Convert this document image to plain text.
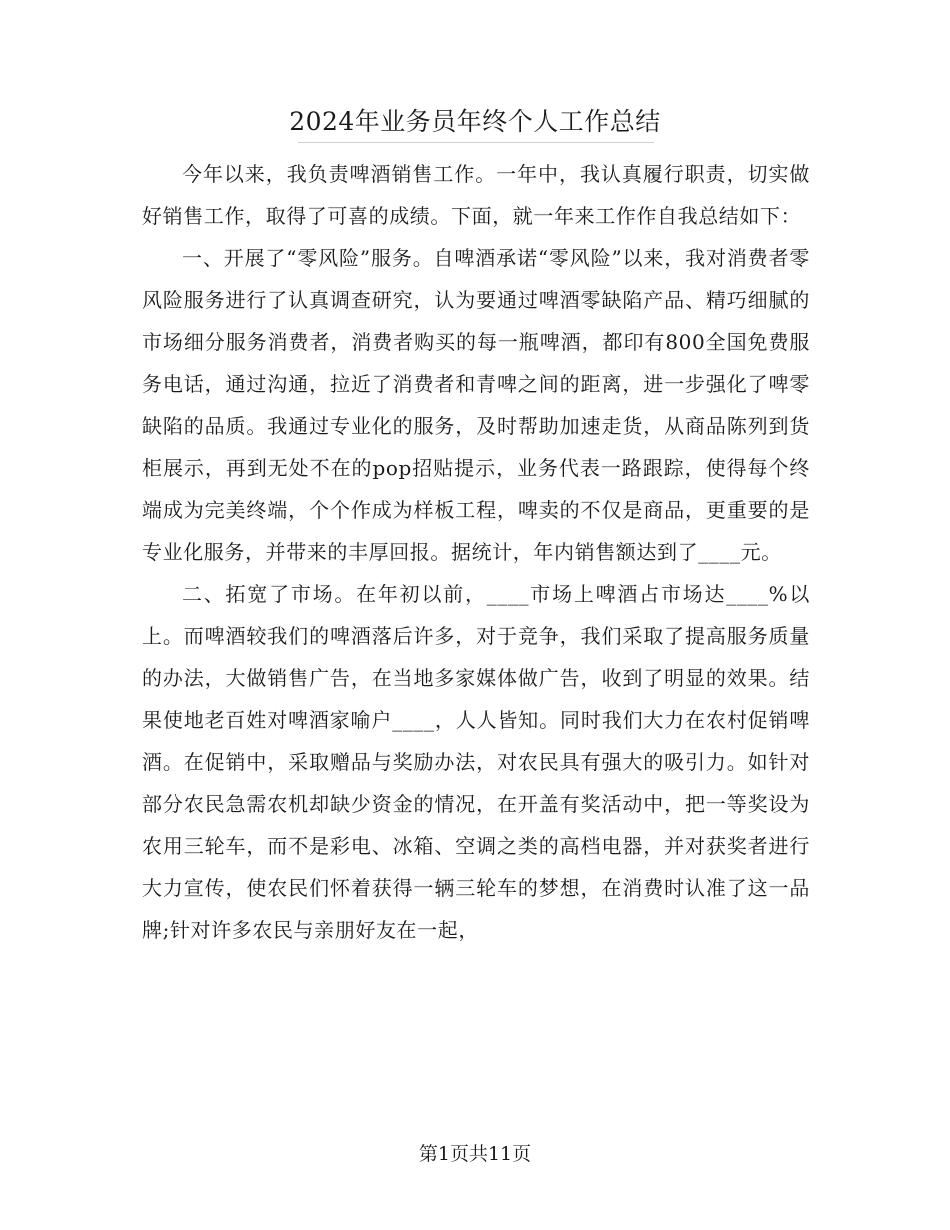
2024年业务员年终个人工作总结

今年以来，我负责啤酒销售工作。一年中，我认真履行职责，切实做好销售工作，取得了可喜的成绩。下面，就一年来工作作自我总结如下：

一、开展了“零风险”服务。自啤酒承诺“零风险”以来，我对消费者零风险服务进行了认真调查研究，认为要通过啤酒零缺陷产品、精巧细腻的市场细分服务消费者，消费者购买的每一瓶啤酒，都印有800全国免费服务电话，通过沟通，拉近了消费者和青啤之间的距离，进一步强化了啤零缺陷的品质。我通过专业化的服务，及时帮助加速走货，从商品陈列到货柜展示，再到无处不在的pop招贴提示，业务代表一路跟踪，使得每个终端成为完美终端，个个作成为样板工程，啤卖的不仅是商品，更重要的是专业化服务，并带来的丰厚回报。据统计，年内销售额达到了____元。

二、拓宽了市场。在年初以前，____市场上啤酒占市场达____%以上。而啤酒较我们的啤酒落后许多，对于竞争，我们采取了提高服务质量的办法，大做销售广告，在当地多家媒体做广告，收到了明显的效果。结果使地老百姓对啤酒家喻户____，人人皆知。同时我们大力在农村促销啤酒。在促销中，采取赠品与奖励办法，对农民具有强大的吸引力。如针对部分农民急需农机却缺少资金的情况，在开盖有奖活动中，把一等奖设为农用三轮车，而不是彩电、冰箱、空调之类的高档电器，并对获奖者进行大力宣传，使农民们怀着获得一辆三轮车的梦想，在消费时认准了这一品牌;针对许多农民与亲朋好友在一起，

第1页共11页
